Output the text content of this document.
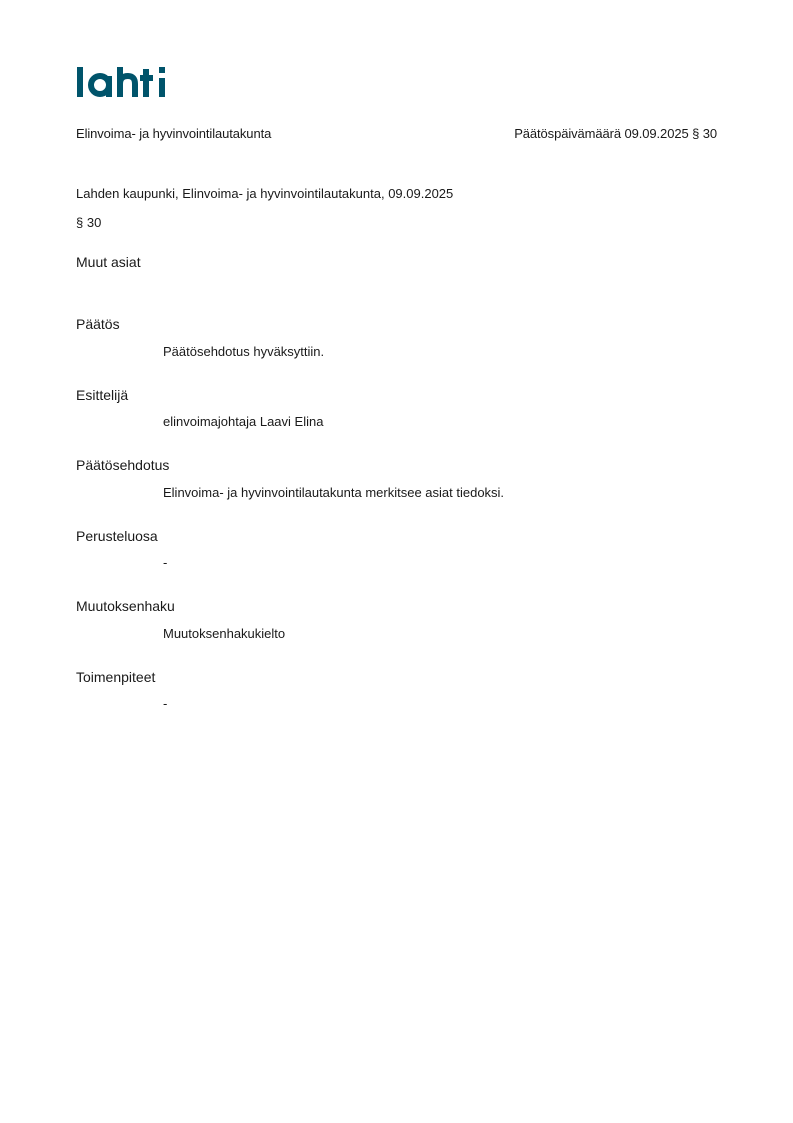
Elinvoima- ja hyvinvointilautakunta	Päätöspäivämäärä 09.09.2025 § 30
Lahden kaupunki, Elinvoima- ja hyvinvointilautakunta, 09.09.2025
§ 30
Muut asiat
Päätös
Päätösehdotus hyväksyttiin.
Esittelijä
elinvoimajohtaja Laavi Elina
Päätösehdotus
Elinvoima- ja hyvinvointilautakunta merkitsee asiat tiedoksi.
Perusteluosa
-
Muutoksenhaku
Muutoksenhakukielto
Toimenpiteet
-
